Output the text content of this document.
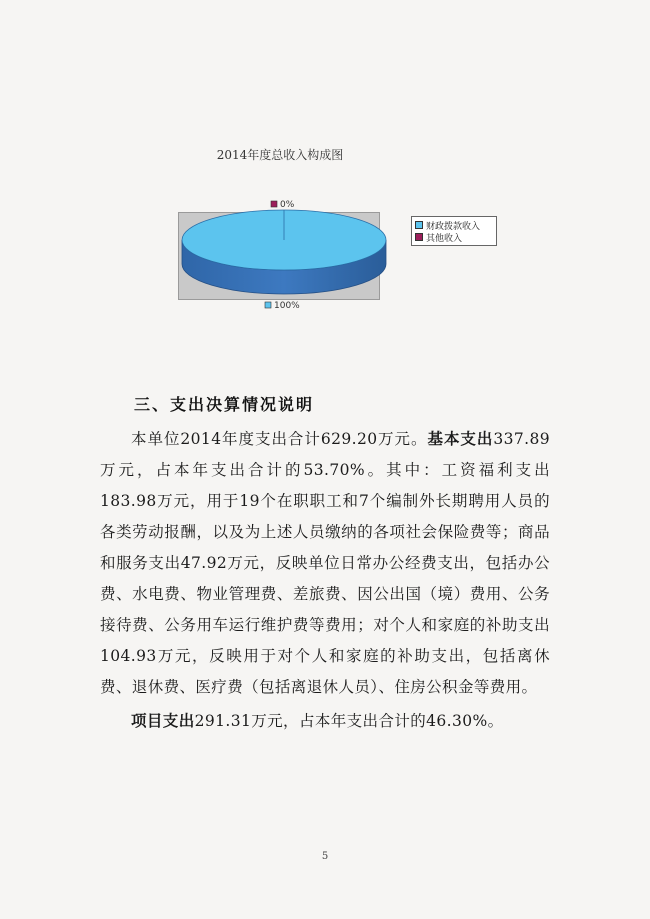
2014年度总收入构成图
0%
100%
财政拨款收入
其他收入
三、支出决算情况说明

本单位2014年度支出合计629.20万元。基本支出337.89万元，占本年支出合计的53.70%。其中：工资福利支出183.98万元，用于19个在职职工和7个编制外长期聘用人员的各类劳动报酬，以及为上述人员缴纳的各项社会保险费等；商品和服务支出47.92万元，反映单位日常办公经费支出，包括办公费、水电费、物业管理费、差旅费、因公出国（境）费用、公务接待费、公务用车运行维护费等费用；对个人和家庭的补助支出104.93万元，反映用于对个人和家庭的补助支出，包括离休费、退休费、医疗费（包括离退休人员）、住房公积金等费用。

项目支出291.31万元，占本年支出合计的46.30%。

5
